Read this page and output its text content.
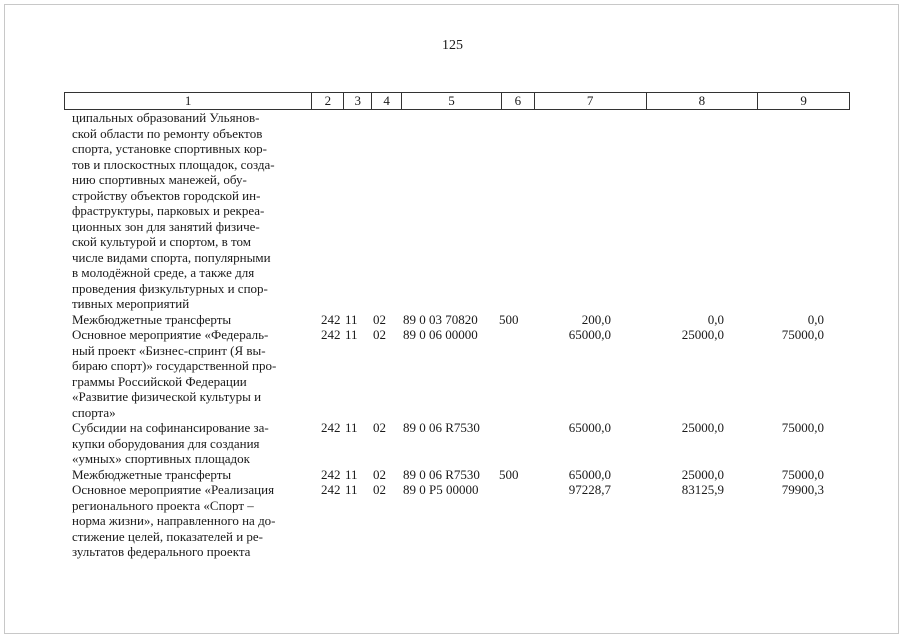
125
1	2	3	4	5	6	7	8	9
ципальных образований Ульянов-
ской области по ремонту объектов
спорта, установке спортивных кор-
тов и плоскостных площадок, созда-
нию спортивных манежей, обу-
стройству объектов городской ин-
фраструктуры, парковых и рекреа-
ционных зон для занятий физиче-
ской культурой и спортом, в том
числе видами спорта, популярными
в молодёжной среде, а также для
проведения физкультурных и спор-
тивных мероприятий
Межбюджетные трансферты	242 11	02	89 0 03 70820	500	200,0	0,0	0,0
Основное мероприятие «Федераль-
ный проект «Бизнес-спринт (Я вы-
бираю спорт)» государственной про-
граммы Российской Федерации
«Развитие физической культуры и
спорта»
242 11	02	89 0 06 00000	65000,0	25000,0	75000,0
Субсидии на софинансирование за-
купки оборудования для создания
«умных» спортивных площадок
242 11	02	89 0 06 R7530	65000,0	25000,0	75000,0
Межбюджетные трансферты	242 11	02	89 0 06 R7530	500	65000,0	25000,0	75000,0
Основное мероприятие «Реализация
регионального проекта «Спорт –
норма жизни», направленного на до-
стижение целей, показателей и ре-
зультатов федерального проекта
242 11	02	89 0 P5 00000	97228,7	83125,9	79900,3
